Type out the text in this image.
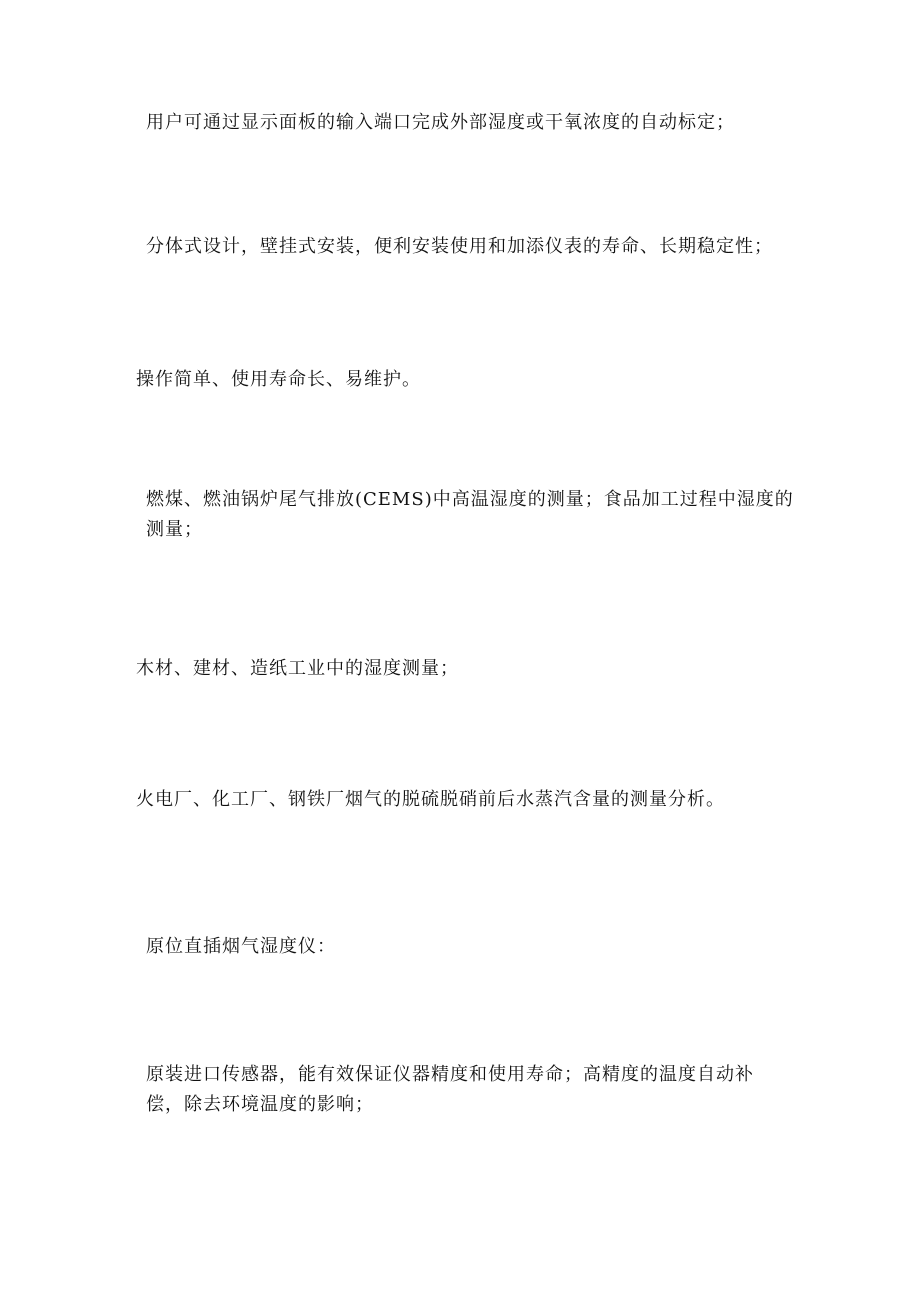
用户可通过显示面板的输入端口完成外部湿度或干氧浓度的自动标定；

分体式设计，壁挂式安装，便利安装使用和加添仪表的寿命、长期稳定性；

操作简单、使用寿命长、易维护。

燃煤、燃油锅炉尾气排放(CEMS)中高温湿度的测量；食品加工过程中湿度的测量；

木材、建材、造纸工业中的湿度测量；

火电厂、化工厂、钢铁厂烟气的脱硫脱硝前后水蒸汽含量的测量分析。

原位直插烟气湿度仪：

原装进口传感器，能有效保证仪器精度和使用寿命；高精度的温度自动补偿，除去环境温度的影响；
